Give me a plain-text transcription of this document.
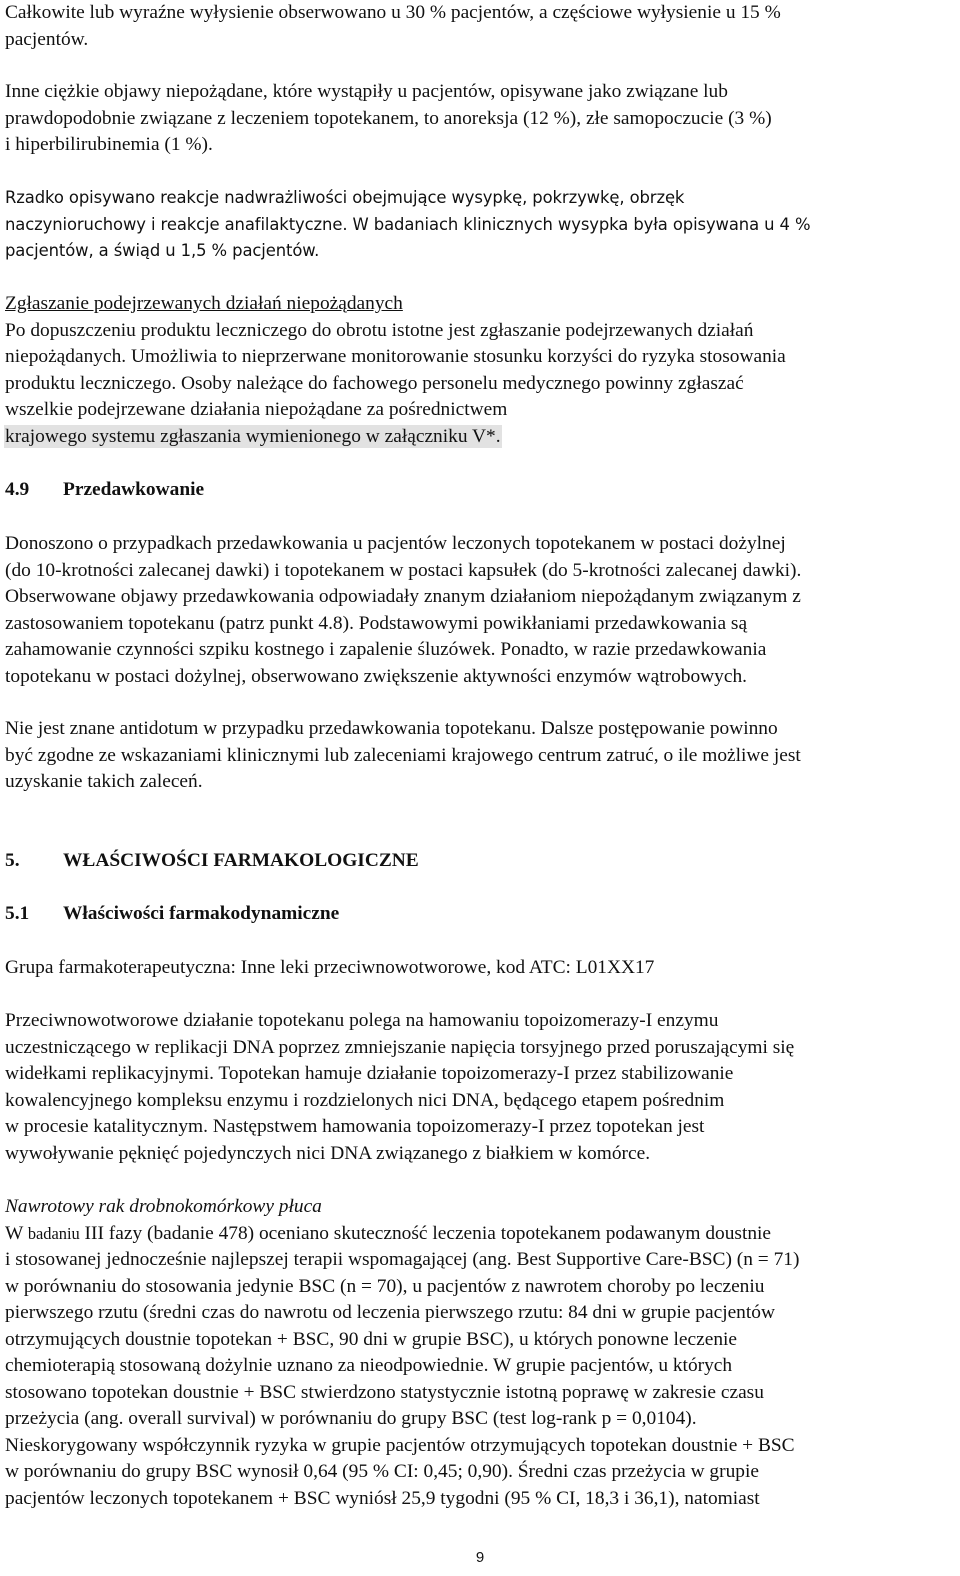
Całkowite lub wyraźne wyłysienie obserwowano u 30 % pacjentów, a częściowe wyłysienie u 15 %
pacjentów.

Inne ciężkie objawy niepożądane, które wystąpiły u pacjentów, opisywane jako związane lub
prawdopodobnie związane z leczeniem topotekanem, to anoreksja (12 %), złe samopoczucie (3 %)
i hiperbilirubinemia (1 %).

Rzadko opisywano reakcje nadwrażliwości obejmujące wysypkę, pokrzywkę, obrzęk
naczynioruchowy i reakcje anafilaktyczne. W badaniach klinicznych wysypka była opisywana u 4 %
pacjentów, a świąd u 1,5 % pacjentów.

Zgłaszanie podejrzewanych działań niepożądanych
Po dopuszczeniu produktu leczniczego do obrotu istotne jest zgłaszanie podejrzewanych działań
niepożądanych. Umożliwia to nieprzerwane monitorowanie stosunku korzyści do ryzyka stosowania
produktu leczniczego. Osoby należące do fachowego personelu medycznego powinny zgłaszać
wszelkie podejrzewane działania niepożądane za pośrednictwem
krajowego systemu zgłaszania wymienionego w załączniku V*.

4.9 Przedawkowanie

Donoszono o przypadkach przedawkowania u pacjentów leczonych topotekanem w postaci dożylnej
(do 10-krotności zalecanej dawki) i topotekanem w postaci kapsułek (do 5-krotności zalecanej dawki).
Obserwowane objawy przedawkowania odpowiadały znanym działaniom niepożądanym związanym z
zastosowaniem topotekanu (patrz punkt 4.8). Podstawowymi powikłaniami przedawkowania są
zahamowanie czynności szpiku kostnego i zapalenie śluzówek. Ponadto, w razie przedawkowania
topotekanu w postaci dożylnej, obserwowano zwiększenie aktywności enzymów wątrobowych.

Nie jest znane antidotum w przypadku przedawkowania topotekanu. Dalsze postępowanie powinno
być zgodne ze wskazaniami klinicznymi lub zaleceniami krajowego centrum zatruć, o ile możliwe jest
uzyskanie takich zaleceń.

5. WŁAŚCIWOŚCI FARMAKOLOGICZNE
5.1 Właściwości farmakodynamiczne

Grupa farmakoterapeutyczna: Inne leki przeciwnowotworowe, kod ATC: L01XX17

Przeciwnowotworowe działanie topotekanu polega na hamowaniu topoizomerazy-I enzymu
uczestniczącego w replikacji DNA poprzez zmniejszanie napięcia torsyjnego przed poruszającymi się
widełkami replikacyjnymi. Topotekan hamuje działanie topoizomerazy-I przez stabilizowanie
kowalencyjnego kompleksu enzymu i rozdzielonych nici DNA, będącego etapem pośrednim
w procesie katalitycznym. Następstwem hamowania topoizomerazy-I przez topotekan jest
wywoływanie pęknięć pojedynczych nici DNA związanego z białkiem w komórce.

Nawrotowy rak drobnokomórkowy płuca
W badaniu III fazy (badanie 478) oceniano skuteczność leczenia topotekanem podawanym doustnie
i stosowanej jednocześnie najlepszej terapii wspomagającej (ang. Best Supportive Care-BSC) (n = 71)
w porównaniu do stosowania jedynie BSC (n = 70), u pacjentów z nawrotem choroby po leczeniu
pierwszego rzutu (średni czas do nawrotu od leczenia pierwszego rzutu: 84 dni w grupie pacjentów
otrzymujących doustnie topotekan + BSC, 90 dni w grupie BSC), u których ponowne leczenie
chemioterapią stosowaną dożylnie uznano za nieodpowiednie. W grupie pacjentów, u których
stosowano topotekan doustnie + BSC stwierdzono statystycznie istotną poprawę w zakresie czasu
przeżycia (ang. overall survival) w porównaniu do grupy BSC (test log-rank p = 0,0104).
Nieskorygowany współczynnik ryzyka w grupie pacjentów otrzymujących topotekan doustnie + BSC
w porównaniu do grupy BSC wynosił 0,64 (95 % CI: 0,45; 0,90). Średni czas przeżycia w grupie
pacjentów leczonych topotekanem + BSC wyniósł 25,9 tygodni (95 % CI, 18,3 i 36,1), natomiast

9
